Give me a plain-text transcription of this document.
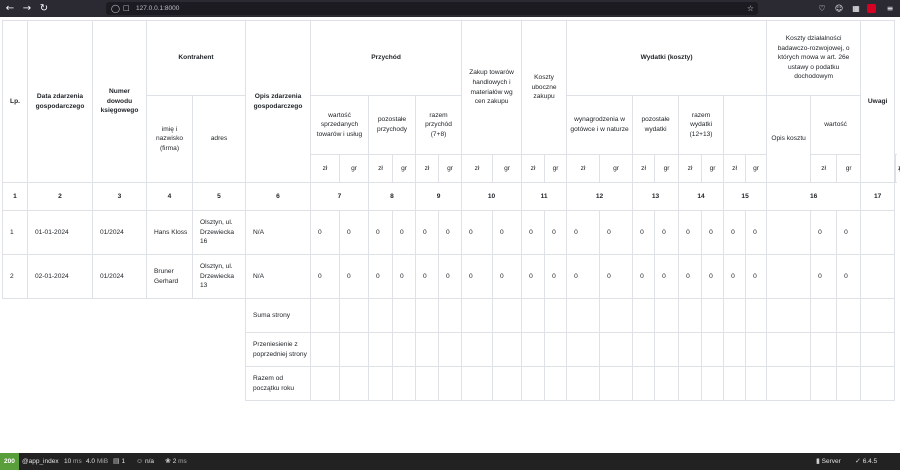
← → ↻	◯ □ 127.0.0.1:8000	☆	♡	☺ ▦	≡
Lp.	Data zdarzenia gospodarczego	Numer dowodu księgowego	Kontrahent		Opis zdarzenia gospodarczego	Przychód						Zakup towarów handlowych i materiałów wg cen zakupu		Koszty uboczne zakupu		Wydatki (koszty)								Koszty działalności badawczo-rozwojowej, o których mowa w art. 26e ustawy o podatku dochodowym			Uwagi	
			imię i nazwisko (firma)	adres		wartość sprzedanych towarów i usług		pozostałe przychody		razem przychód (7+8)						wynagrodzenia w gotówce i w naturze		pozostałe wydatki		razem wydatki (12+13)				Opis kosztu	wartość			
						zł	gr	zł	gr	zł	gr	zł	gr	zł	gr	zł	gr	zł	gr	zł	gr	zł	gr		zł	gr		
1	2	3	4	5	6	7		8		9		10		11		12		13		14		15		16			17	
1	01-01-2024	01/2024	Hans Kloss	Olsztyn, ul. Drzewiecka 16	N/A	0	0	0	0	0	0	0	0	0	0	0	0	0	0	0	0	0	0		0	0		
2	02-01-2024	01/2024	Bruner Gerhard	Olsztyn, ul. Drzewiecka 13	N/A	0	0	0	0	0	0	0	0	0	0	0	0	0	0	0	0	0	0		0	0		
					Suma strony																							
					Przeniesienie z poprzedniej strony																							
					Razem od początku roku																							
200	@app_index 10 ms 4.0 MiB ▤ 1 ☺ n/a ❀ 2 ms	▮ Server ✓ 6.4.5
